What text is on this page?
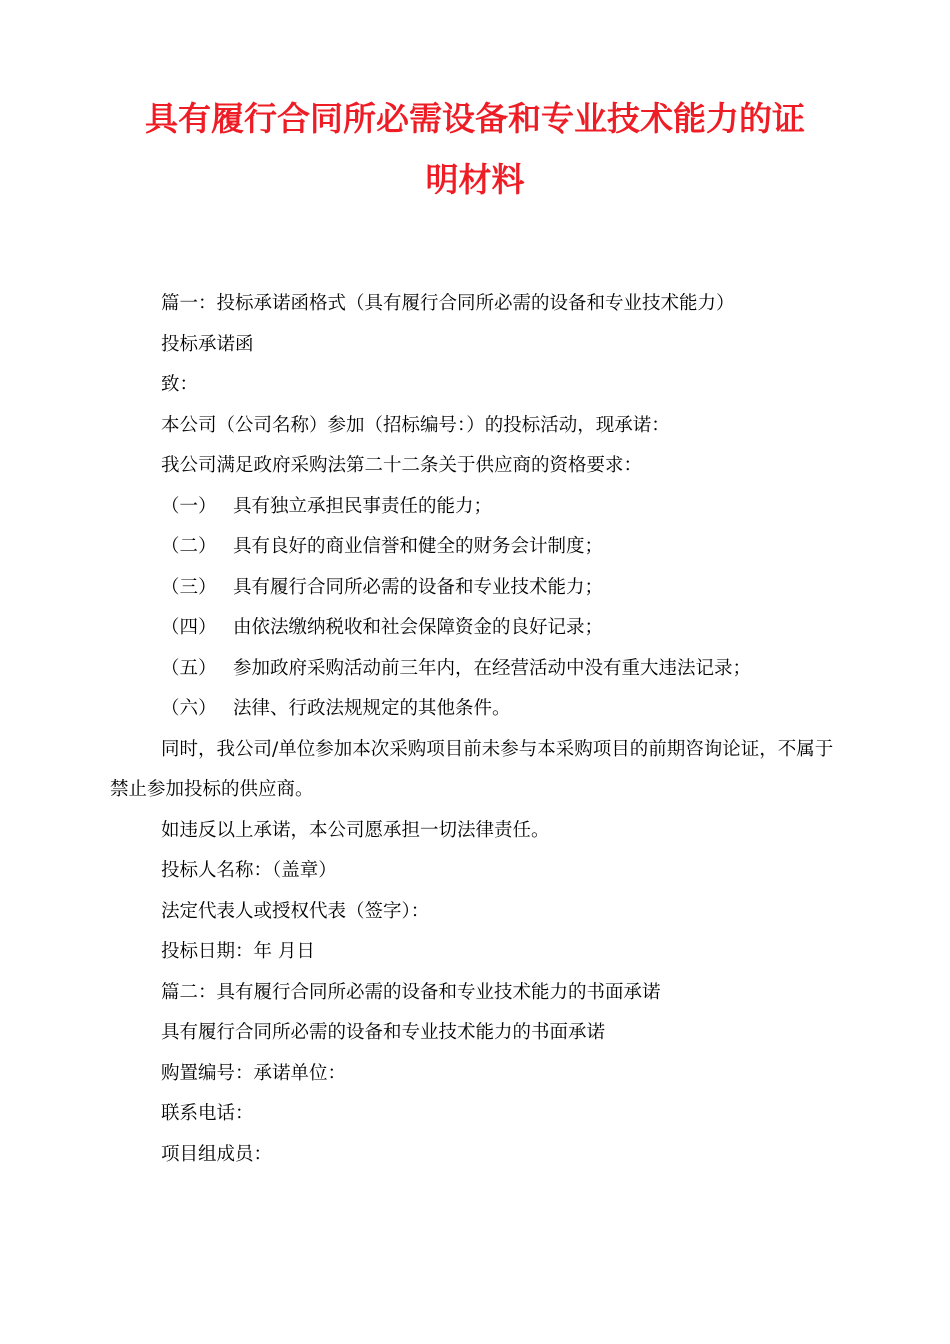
具有履行合同所必需设备和专业技术能力的证
明材料

篇一：投标承诺函格式（具有履行合同所必需的设备和专业技术能力）

投标承诺函

致：

本公司（公司名称）参加（招标编号：）的投标活动，现承诺：

我公司满足政府采购法第二十二条关于供应商的资格要求：

（一） 具有独立承担民事责任的能力；

（二） 具有良好的商业信誉和健全的财务会计制度；

（三） 具有履行合同所必需的设备和专业技术能力；

（四） 由依法缴纳税收和社会保障资金的良好记录；

（五） 参加政府采购活动前三年内，在经营活动中没有重大违法记录；

（六） 法律、行政法规规定的其他条件。

同时，我公司/单位参加本次采购项目前未参与本采购项目的前期咨询论证，不属于禁止参加投标的供应商。

如违反以上承诺，本公司愿承担一切法律责任。

投标人名称：（盖章）

法定代表人或授权代表（签字）：

投标日期：年 月日

篇二：具有履行合同所必需的设备和专业技术能力的书面承诺

具有履行合同所必需的设备和专业技术能力的书面承诺

购置编号：承诺单位：

联系电话：

项目组成员：
